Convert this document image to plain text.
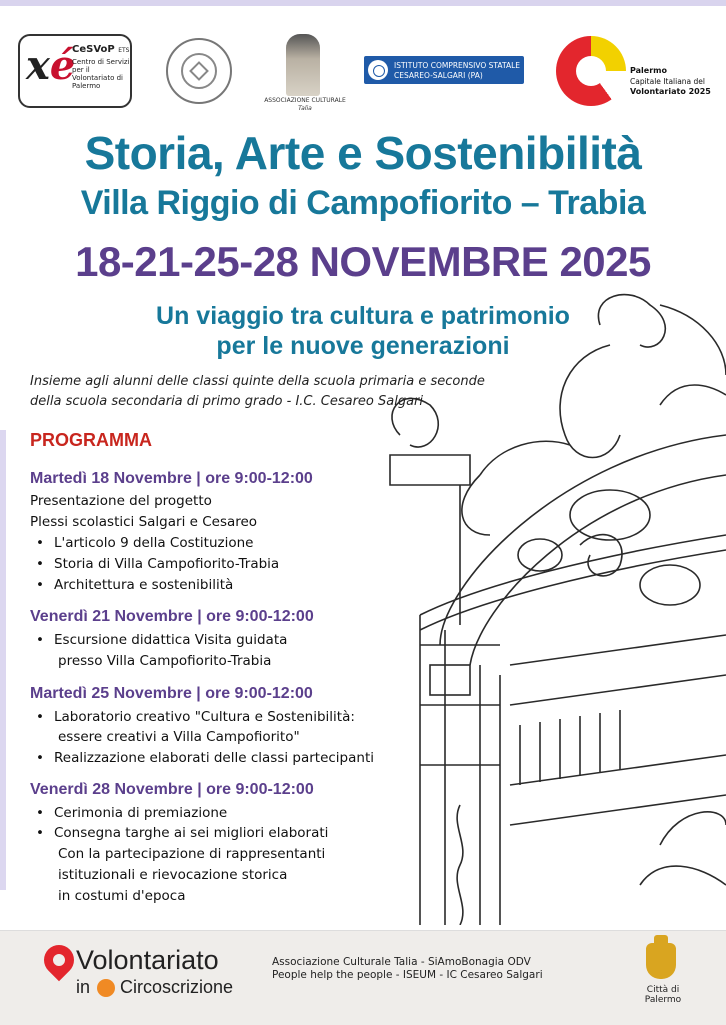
xé
CeSVoP ETS
Centro di Servizi per il Volontariato di Palermo
ASSOCIAZIONE CULTURALE
Talia
ISTITUTO COMPRENSIVO STATALE
CESAREO-SALGARI (PA)
Palermo
Capitale Italiana del
Volontariato 2025
Storia, Arte e Sostenibilità
Villa Riggio di Campofiorito – Trabia
18-21-25-28 NOVEMBRE 2025
Un viaggio tra cultura e patrimonio
per le nuove generazioni
Insieme agli alunni delle classi quinte della scuola primaria e seconde
della scuola secondaria di primo grado - I.C. Cesareo Salgari
PROGRAMMA
Martedì 18 Novembre | ore 9:00-12:00
Presentazione del progetto
Plessi scolastici Salgari e Cesareo
• L'articolo 9 della Costituzione
• Storia di Villa Campofiorito-Trabia
• Architettura e sostenibilità
Venerdì 21 Novembre | ore 9:00-12:00
• Escursione didattica Visita guidata
presso Villa Campofiorito-Trabia
Martedì 25 Novembre | ore 9:00-12:00
• Laboratorio creativo "Cultura e Sostenibilità:
essere creativi a Villa Campofiorito"
• Realizzazione elaborati delle classi partecipanti
Venerdì 28 Novembre | ore 9:00-12:00
• Cerimonia di premiazione
• Consegna targhe ai sei migliori elaborati
Con la partecipazione di rappresentanti
istituzionali e rievocazione storica
in costumi d'epoca
Volontariato
in Circoscrizione
Associazione Culturale Talia - SiAmoBonagia ODV
People help the people - ISEUM - IC Cesareo Salgari
Città di Palermo
